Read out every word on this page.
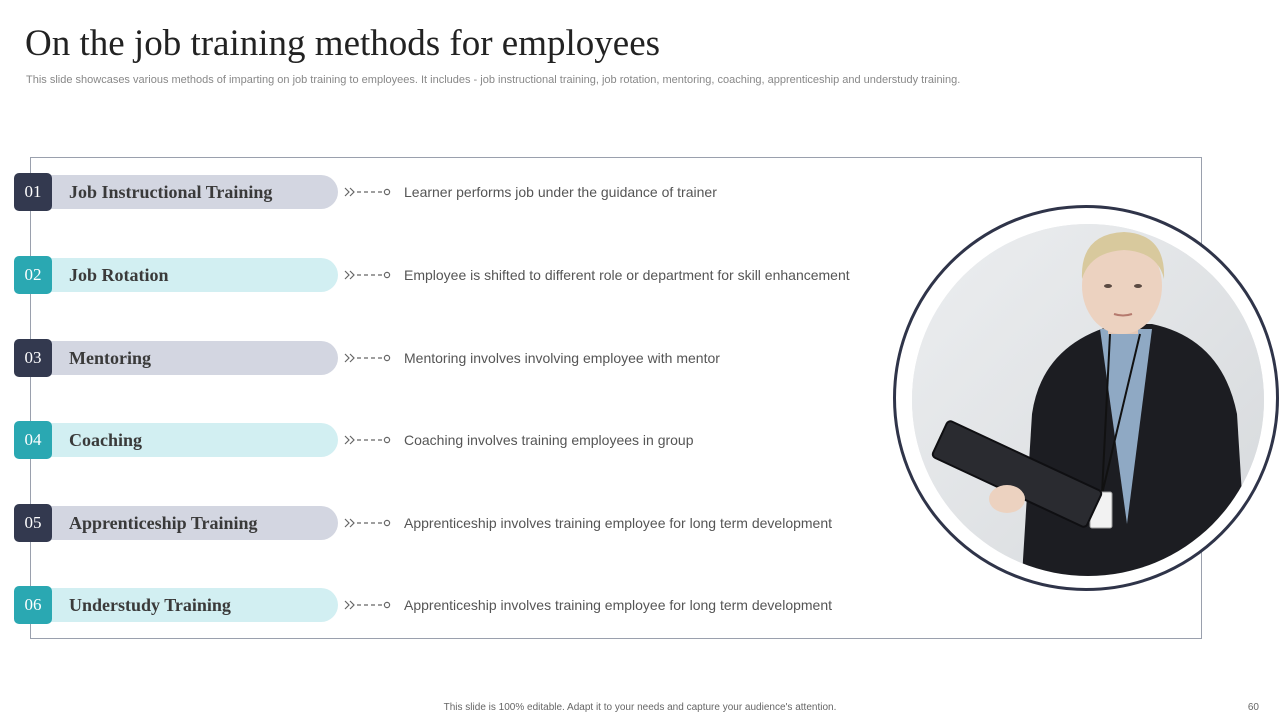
On the job training methods for employees
This slide showcases various methods of imparting on job training to employees. It includes - job instructional training, job rotation, mentoring, coaching, apprenticeship and understudy training.
01	Job Instructional Training	Learner performs job under the guidance of trainer
02	Job Rotation	Employee is shifted to different role or department for skill enhancement
03	Mentoring	Mentoring involves involving employee with mentor
04	Coaching	Coaching involves training employees in group
05	Apprenticeship Training	Apprenticeship involves training employee for long term development
06	Understudy Training	Apprenticeship involves training employee for long term development
This slide is 100% editable. Adapt it to your needs and capture your audience's attention.	60
